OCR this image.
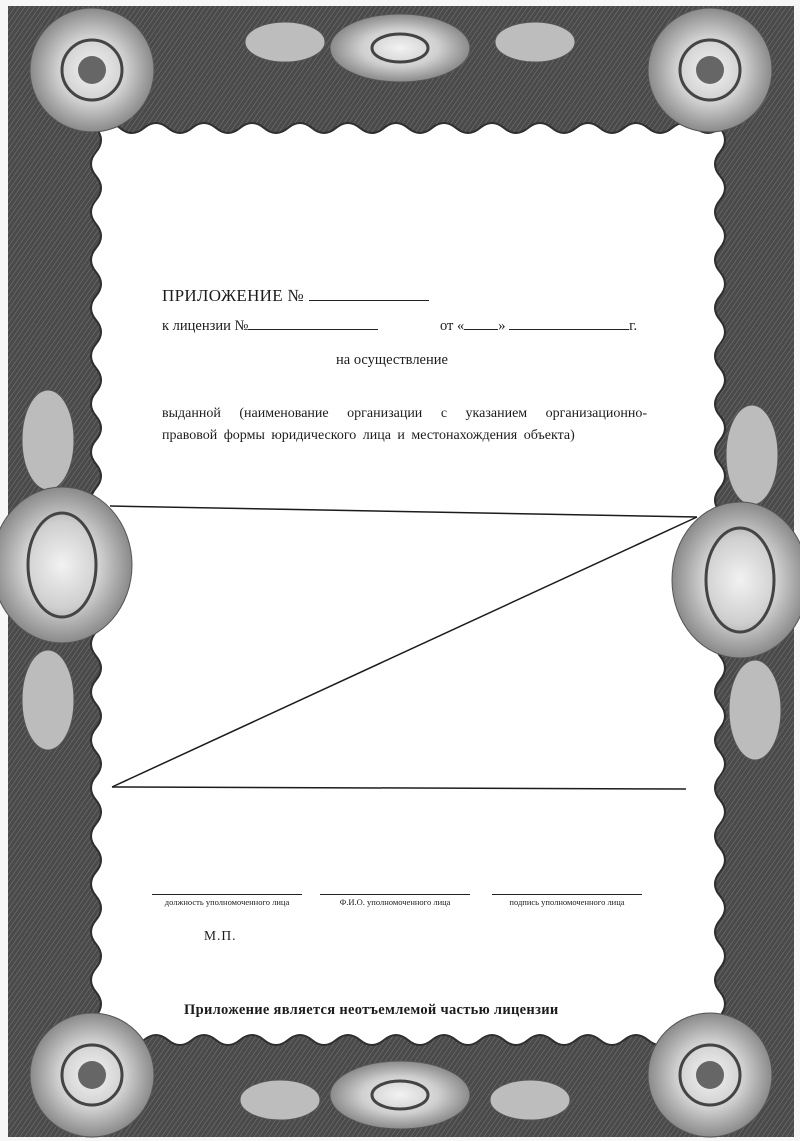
ПРИЛОЖЕНИЕ №
к лицензии №	от « »	г.
на осуществление
выданной (наименование организации с указанием организационно-
правовой формы юридического лица и местонахождения объекта)
должность уполномоченного лица	Ф.И.О. уполномоченного лица	подпись уполномоченного лица
М.П.
Приложение является неотъемлемой частью лицензии
